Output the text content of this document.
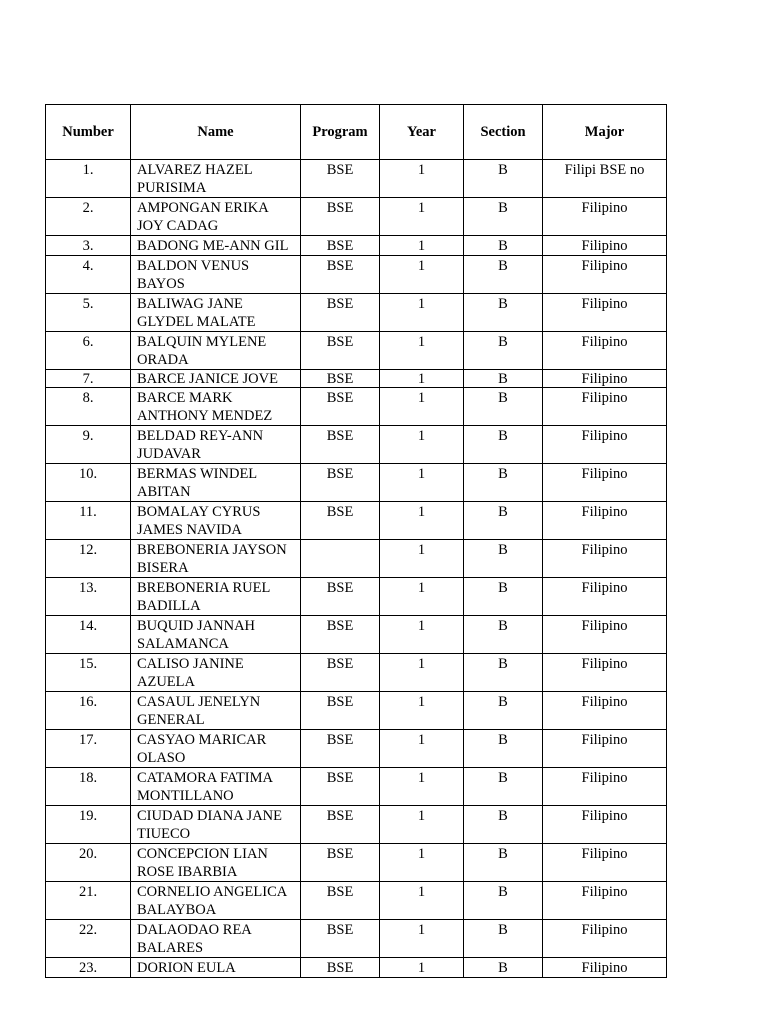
Number	Name	Program	Year	Section	Major
1.	ALVAREZ HAZEL PURISIMA	BSE	1	B	Filipi BSE no
2.	AMPONGAN ERIKA JOY CADAG	BSE	1	B	Filipino
3.	BADONG ME-ANN GIL	BSE	1	B	Filipino
4.	BALDON VENUS BAYOS	BSE	1	B	Filipino
5.	BALIWAG JANE GLYDEL MALATE	BSE	1	B	Filipino
6.	BALQUIN MYLENE ORADA	BSE	1	B	Filipino
7.	BARCE JANICE JOVE	BSE	1	B	Filipino
8.	BARCE MARK ANTHONY MENDEZ	BSE	1	B	Filipino
9.	BELDAD REY-ANN JUDAVAR	BSE	1	B	Filipino
10.	BERMAS WINDEL ABITAN	BSE	1	B	Filipino
11.	BOMALAY CYRUS JAMES NAVIDA	BSE	1	B	Filipino
12.	BREBONERIA JAYSON BISERA		1	B	Filipino
13.	BREBONERIA RUEL BADILLA	BSE	1	B	Filipino
14.	BUQUID JANNAH SALAMANCA	BSE	1	B	Filipino
15.	CALISO JANINE AZUELA	BSE	1	B	Filipino
16.	CASAUL JENELYN GENERAL	BSE	1	B	Filipino
17.	CASYAO MARICAR OLASO	BSE	1	B	Filipino
18.	CATAMORA FATIMA MONTILLANO	BSE	1	B	Filipino
19.	CIUDAD DIANA JANE TIUECO	BSE	1	B	Filipino
20.	CONCEPCION LIAN ROSE IBARBIA	BSE	1	B	Filipino
21.	CORNELIO ANGELICA BALAYBOA	BSE	1	B	Filipino
22.	DALAODAO REA BALARES	BSE	1	B	Filipino
23.	DORION EULA	BSE	1	B	Filipino
